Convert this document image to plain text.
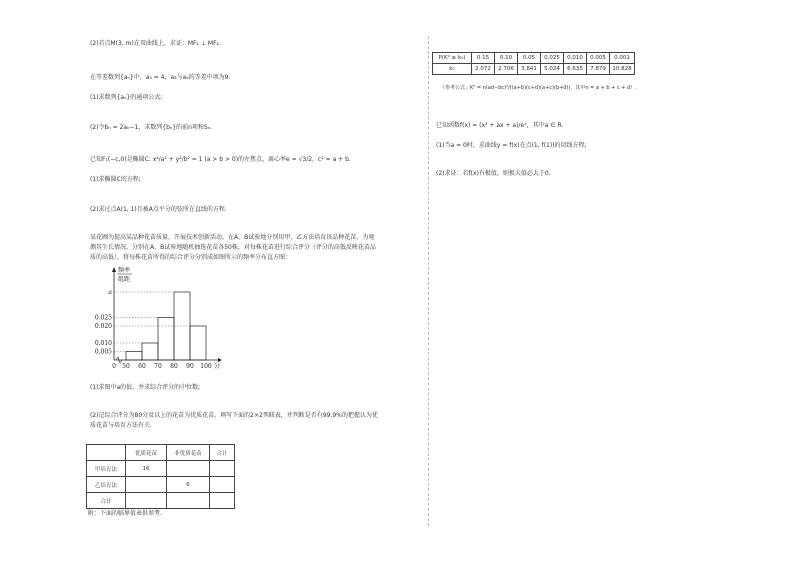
(2)若点M(3, m)在双曲线上，求证：MF₁ ⊥ MF₂.
在等差数列{aₙ}中，a₃ = 4，a₃与a₉的等差中项为9.
(1)求数列{aₙ}的通项公式;
(2)令bₙ = 2aₙ−1，求数列{bₙ}的前n项和Sₙ.
已知F₁(−c,0)是椭圆C: x²/a² + y²/b² = 1 (a > b > 0)的左焦点，离心率e = √3/2，c² = a + b.
(1)求椭圆C的方程;
(2)求过点A(1, 1)且被A点平分的弦所在直线的方程.
某花圃为提高某品种花苗质量，开展技术创新活动，在A、B试验地分别用甲、乙方法培育该品种花苗，为观
测其生长情况，分别在A、B试验地随机抽选花苗各50株，对每株花苗进行综合评分（评分的高低反映花苗品
质的高低），将每株花苗所得的综合评分分别成如图所示的频率分布直方图：
频率
组距
a
0.025
0.020
0.010
0.005
0 50 60 70 80 90 100 分
(1)求图中a的值，并求综合评分的中位数;
(2)记综合评分为80分及以上的花苗为优质花苗，填写下面的2×2列联表，并判断是否有99.9%的把握认为优
质花苗与培育方法有关.
	优质花苗	非优质花苗	合计
甲培育法	16		
乙培育法		6	
合计			
附：下面的临界值表供参考.
P(K² ≥ k₀)	0.15	0.10	0.05	0.025	0.010	0.005	0.001
k₀	2.072	2.706	3.841	5.024	6.635	7.879	10.828
（参考公式：K² = n(ad−bc)²/((a+b)(c+d)(a+c)(b+d))，其中n = a + b + c + d）.
已知函数f(x) = (x² + ax + a)/eˣ，其中a ∈ R.
(1)当a = 0时，求曲线y = f(x)在点(1, f(1))的切线方程;
(2)求证：若f(x)有极值，则极大值必大于0.
